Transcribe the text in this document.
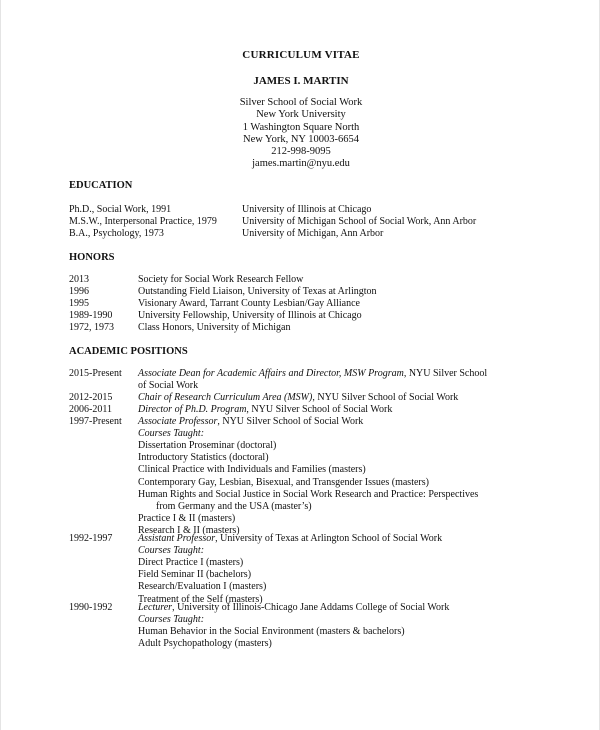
CURRICULUM VITAE
JAMES I. MARTIN
Silver School of Social Work
New York University
1 Washington Square North
New York, NY 10003-6654
212-998-9095
james.martin@nyu.edu
EDUCATION
Ph.D., Social Work, 1991	University of Illinois at Chicago
M.S.W., Interpersonal Practice, 1979	University of Michigan School of Social Work, Ann Arbor
B.A., Psychology, 1973	University of Michigan, Ann Arbor
HONORS
2013	Society for Social Work Research Fellow
1996	Outstanding Field Liaison, University of Texas at Arlington
1995	Visionary Award, Tarrant County Lesbian/Gay Alliance
1989-1990	University Fellowship, University of Illinois at Chicago
1972, 1973 Class Honors, University of Michigan
ACADEMIC POSITIONS
2015-Present Associate Dean for Academic Affairs and Director, MSW Program, NYU Silver School
of Social Work
2012-2015	Chair of Research Curriculum Area (MSW), NYU Silver School of Social Work
2006-2011	Director of Ph.D. Program, NYU Silver School of Social Work
1997-Present Associate Professor, NYU Silver School of Social Work
Courses Taught:
Dissertation Proseminar (doctoral)
Introductory Statistics (doctoral)
Clinical Practice with Individuals and Families (masters)
Contemporary Gay, Lesbian, Bisexual, and Transgender Issues (masters)
Human Rights and Social Justice in Social Work Research and Practice: Perspectives
from Germany and the USA (master’s)
Practice I & II (masters)
Research I & II (masters)
1992-1997	Assistant Professor, University of Texas at Arlington School of Social Work
Courses Taught:
Direct Practice I (masters)
Field Seminar II (bachelors)
Research/Evaluation I (masters)
Treatment of the Self (masters)
1990-1992	Lecturer, University of Illinois-Chicago Jane Addams College of Social Work
Courses Taught:
Human Behavior in the Social Environment (masters & bachelors)
Adult Psychopathology (masters)
